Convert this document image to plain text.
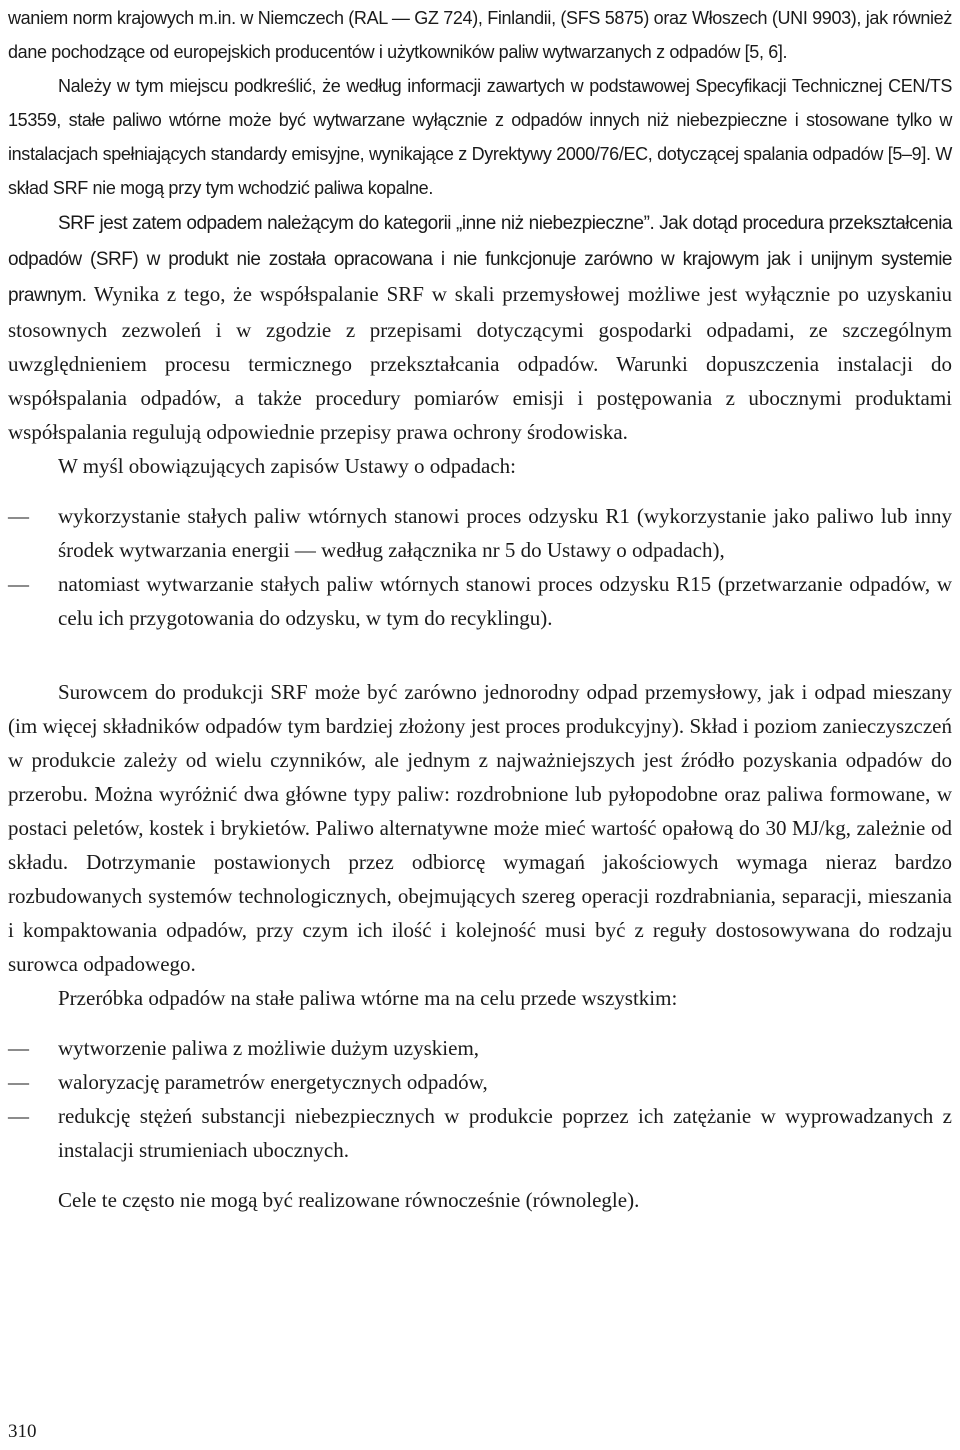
waniem norm krajowych m.in. w Niemczech (RAL — GZ 724), Finlandii, (SFS 5875) oraz Włoszech (UNI 9903), jak również dane pochodzące od europejskich producentów i użytkowników paliw wytwarzanych z odpadów [5, 6].

Należy w tym miejscu podkreślić, że według informacji zawartych w podstawowej Specyfikacji Technicznej CEN/TS 15359, stałe paliwo wtórne może być wytwarzane wyłącznie z odpadów innych niż niebezpieczne i stosowane tylko w instalacjach spełniających standardy emisyjne, wynikające z Dyrektywy 2000/76/EC, dotyczącej spalania odpadów [5–9]. W skład SRF nie mogą przy tym wchodzić paliwa kopalne.

SRF jest zatem odpadem należącym do kategorii „inne niż niebezpieczne”. Jak dotąd procedura przekształcenia odpadów (SRF) w produkt nie została opracowana i nie funkcjonuje zarówno w krajowym jak i unijnym systemie prawnym. Wynika z tego, że współspalanie SRF w skali przemysłowej możliwe jest wyłącznie po uzyskaniu stosownych zezwoleń i w zgodzie z przepisami dotyczącymi gospodarki odpadami, ze szczególnym uwzględnieniem procesu termicznego przekształcania odpadów. Warunki dopuszczenia instalacji do współspalania odpadów, a także procedury pomiarów emisji i postępowania z ubocznymi produktami współspalania regulują odpowiednie przepisy prawa ochrony środowiska.

W myśl obowiązujących zapisów Ustawy o odpadach:

—	wykorzystanie stałych paliw wtórnych stanowi proces odzysku R1 (wykorzystanie jako paliwo lub inny środek wytwarzania energii — według załącznika nr 5 do Ustawy o odpadach),
—	natomiast wytwarzanie stałych paliw wtórnych stanowi proces odzysku R15 (przetwarzanie odpadów, w celu ich przygotowania do odzysku, w tym do recyklingu).

Surowcem do produkcji SRF może być zarówno jednorodny odpad przemysłowy, jak i odpad mieszany (im więcej składników odpadów tym bardziej złożony jest proces produkcyjny). Skład i poziom zanieczyszczeń w produkcie zależy od wielu czynników, ale jednym z najważniejszych jest źródło pozyskania odpadów do przerobu. Można wyróżnić dwa główne typy paliw: rozdrobnione lub pyłopodobne oraz paliwa formowane, w postaci peletów, kostek i brykietów. Paliwo alternatywne może mieć wartość opałową do 30 MJ/kg, zależnie od składu. Dotrzymanie postawionych przez odbiorcę wymagań jakościowych wymaga nieraz bardzo rozbudowanych systemów technologicznych, obejmujących szereg operacji rozdrabniania, separacji, mieszania i kompaktowania odpadów, przy czym ich ilość i kolejność musi być z reguły dostosowywana do rodzaju surowca odpadowego.

Przeróbka odpadów na stałe paliwa wtórne ma na celu przede wszystkim:

—	wytworzenie paliwa z możliwie dużym uzyskiem,
—	waloryzację parametrów energetycznych odpadów,
—	redukcję stężeń substancji niebezpiecznych w produkcie poprzez ich zatężanie w wyprowadzanych z instalacji strumieniach ubocznych.

Cele te często nie mogą być realizowane równocześnie (równolegle).

310
